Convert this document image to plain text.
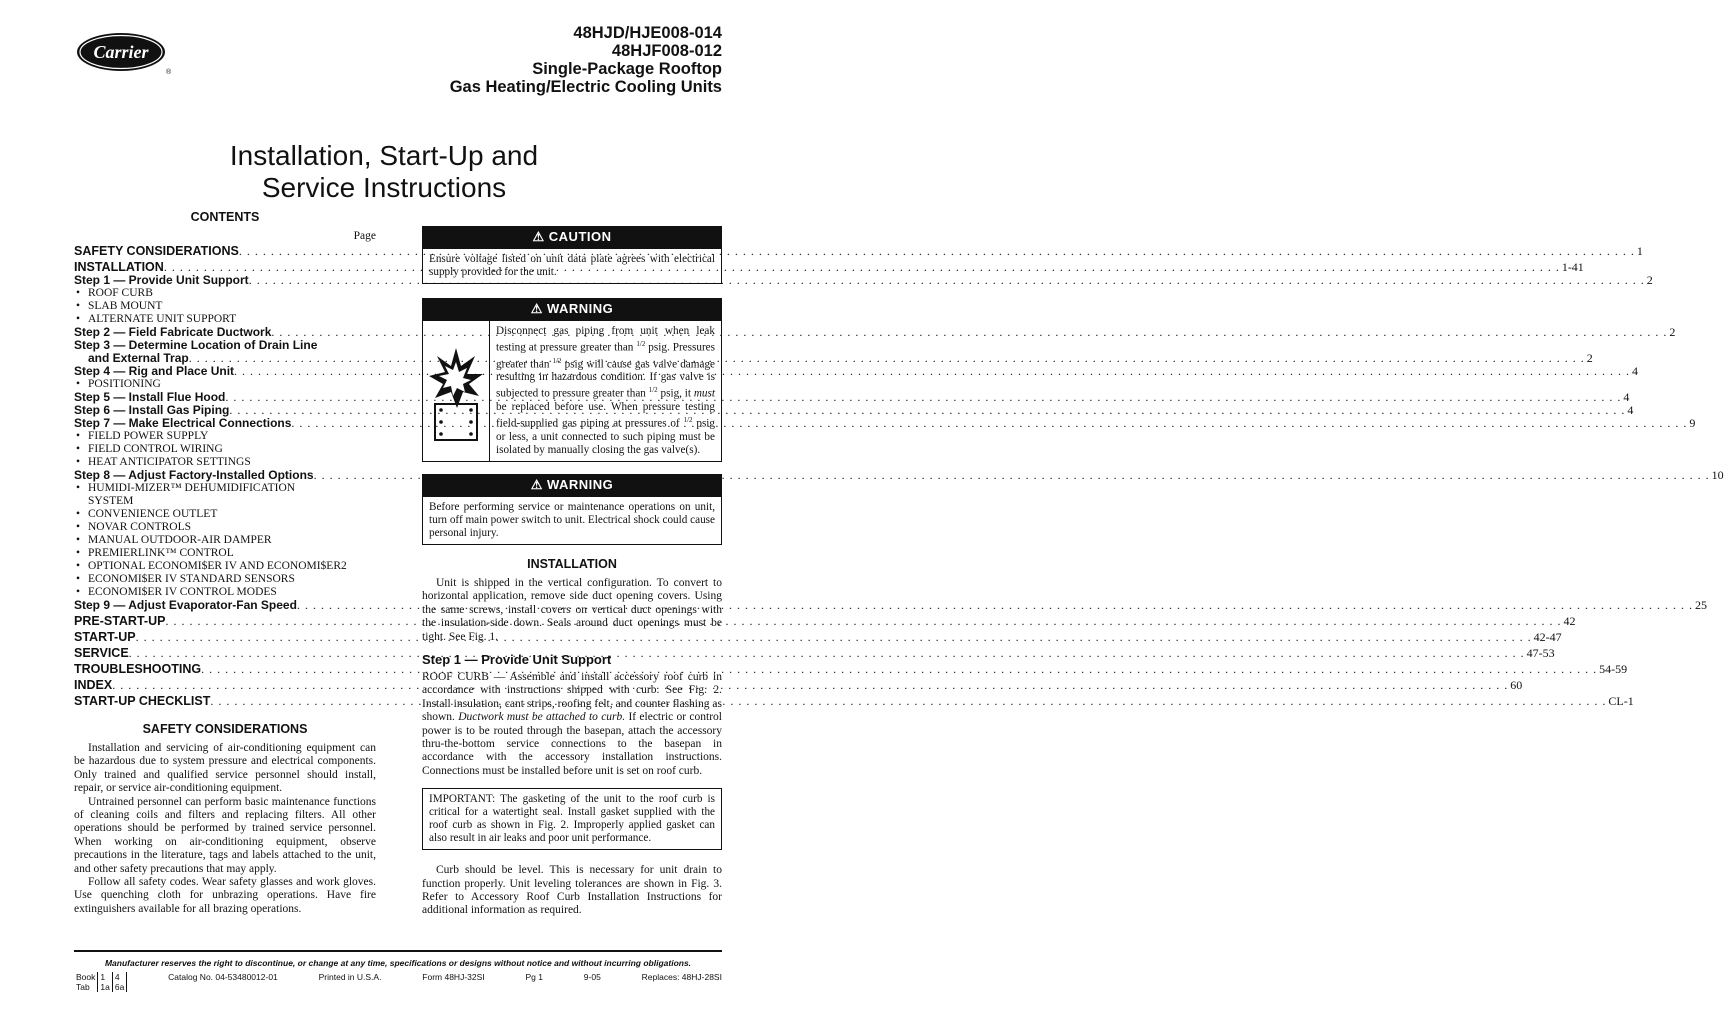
Carrier
®
48HJD/HJE008-014
48HJF008-012
Single-Package Rooftop
Gas Heating/Electric Cooling Units
Installation, Start-Up and
Service Instructions
CONTENTS
Page
SAFETY CONSIDERATIONS . . .	1
INSTALLATION . . .	1-41
Step 1 — Provide Unit Support . . .	2
• ROOF CURB
• SLAB MOUNT
• ALTERNATE UNIT SUPPORT
Step 2 — Field Fabricate Ductwork . . .	2
Step 3 — Determine Location of Drain Line
and External Trap . . .	2
Step 4 — Rig and Place Unit . . .	4
• POSITIONING
Step 5 — Install Flue Hood . . .	4
Step 6 — Install Gas Piping . . .	4
Step 7 — Make Electrical Connections . . .	9
• FIELD POWER SUPPLY
• FIELD CONTROL WIRING
• HEAT ANTICIPATOR SETTINGS
Step 8 — Adjust Factory-Installed Options . . .	10
• HUMIDI-MIZER™ DEHUMIDIFICATION
SYSTEM
• CONVENIENCE OUTLET
• NOVAR CONTROLS
• MANUAL OUTDOOR-AIR DAMPER
• PREMIERLINK™ CONTROL
• OPTIONAL ECONOMI$ER IV AND ECONOMI$ER2
• ECONOMI$ER IV STANDARD SENSORS
• ECONOMI$ER IV CONTROL MODES
Step 9 — Adjust Evaporator-Fan Speed . . .	25
PRE-START-UP . . .	42
START-UP . . .	42-47
SERVICE . . .	47-53
TROUBLESHOOTING . . .	54-59
INDEX . . .	60
START-UP CHECKLIST . . .	CL-1
SAFETY CONSIDERATIONS

Installation and servicing of air-conditioning equipment can be hazardous due to system pressure and electrical components. Only trained and qualified service personnel should install, repair, or service air-conditioning equipment.

Untrained personnel can perform basic maintenance functions of cleaning coils and filters and replacing filters. All other operations should be performed by trained service personnel. When working on air-conditioning equipment, observe precautions in the literature, tags and labels attached to the unit, and other safety precautions that may apply.

Follow all safety codes. Wear safety glasses and work gloves. Use quenching cloth for unbrazing operations. Have fire extinguishers available for all brazing operations.

⚠ CAUTION
Ensure voltage listed on unit data plate agrees with electrical supply provided for the unit.
⚠ WARNING
Disconnect gas piping from unit when leak testing at pressure greater than $^{1/2}$ psig. Pressures greater than $^{1/2}$ psig will cause gas valve damage resulting in hazardous condition. If gas valve is subjected to pressure greater than $^{1/2}$ psig, it must be replaced before use. When pressure testing field-supplied gas piping at pressures of $^{1/2}$ psig or less, a unit connected to such piping must be isolated by manually closing the gas valve(s).
⚠ WARNING
Before performing service or maintenance operations on unit, turn off main power switch to unit. Electrical shock could cause personal injury.
INSTALLATION

Unit is shipped in the vertical configuration. To convert to horizontal application, remove side duct opening covers. Using the same screws, install covers on vertical duct openings with the insulation-side down. Seals around duct openings must be tight. See Fig. 1.

Step 1 — Provide Unit Support

ROOF CURB — Assemble and install accessory roof curb in accordance with instructions shipped with curb. See Fig. 2. Install insulation, cant strips, roofing felt, and counter flashing as shown. Ductwork must be attached to curb. If electric or control power is to be routed through the basepan, attach the accessory thru-the-bottom service connections to the basepan in accordance with the accessory installation instructions. Connections must be installed before unit is set on roof curb.

IMPORTANT: The gasketing of the unit to the roof curb is critical for a watertight seal. Install gasket supplied with the roof curb as shown in Fig. 2. Improperly applied gasket can also result in air leaks and poor unit performance.

Curb should be level. This is necessary for unit drain to function properly. Unit leveling tolerances are shown in Fig. 3. Refer to Accessory Roof Curb Installation Instructions for additional information as required.

Manufacturer reserves the right to discontinue, or change at any time, specifications or designs without notice and without incurring obligations.
Book	1	4
Tab	1a	6a
Catalog No. 04-53480012-01	Printed in U.S.A.	Form 48HJ-32SI	Pg 1	9-05	Replaces: 48HJ-28SI
